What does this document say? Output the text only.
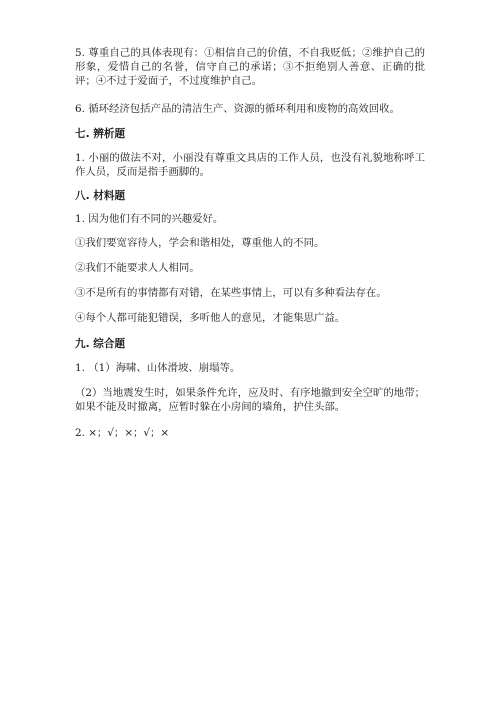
5. 尊重自己的具体表现有：①相信自己的价值，不自我贬低；②维护自己的形象，爱惜自己的名誉，信守自己的承诺；③不拒绝别人善意、正确的批评；④不过于爱面子，不过度维护自己。

6. 循环经济包括产品的清洁生产、资源的循环利用和废物的高效回收。

七. 辨析题

1. 小丽的做法不对，小丽没有尊重文具店的工作人员，也没有礼貌地称呼工作人员，反而是指手画脚的。

八. 材料题

1. 因为他们有不同的兴趣爱好。

①我们要宽容待人，学会和谐相处，尊重他人的不同。

②我们不能要求人人相同。

③不是所有的事情都有对错，在某些事情上，可以有多种看法存在。

④每个人都可能犯错误，多听他人的意见，才能集思广益。

九. 综合题

1. （1）海啸、山体滑坡、崩塌等。

（2）当地震发生时，如果条件允许，应及时、有序地撤到安全空旷的地带；如果不能及时撤离，应暂时躲在小房间的墙角，护住头部。

2. ×；√；×；√；×
